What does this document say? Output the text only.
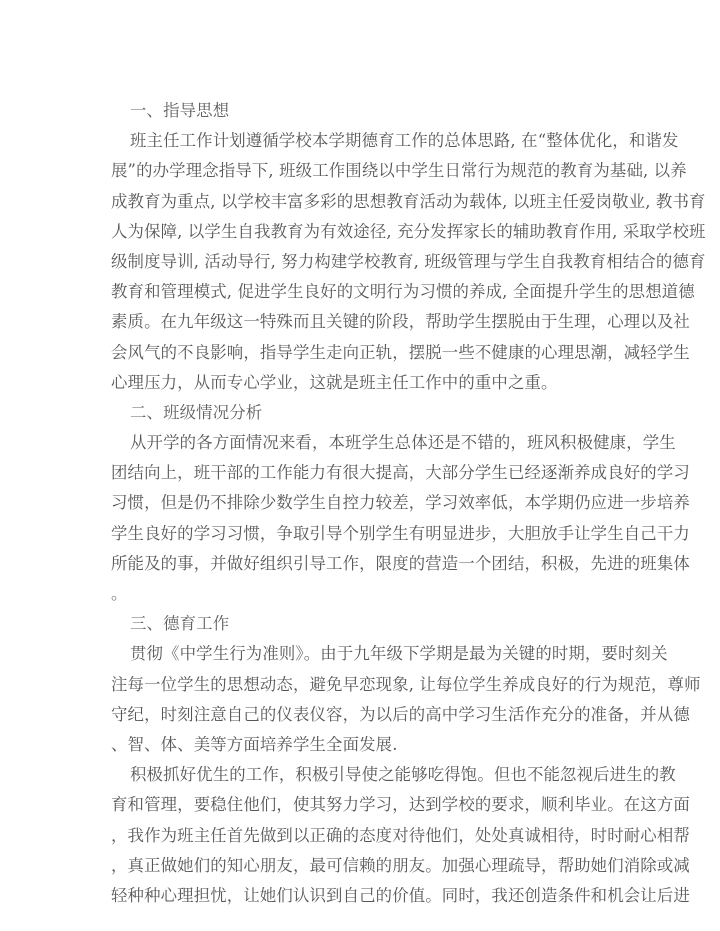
一、指导思想
班主任工作计划遵循学校本学期德育工作的总体思路, 在“整体优化，和谐发
展”的办学理念指导下, 班级工作围绕以中学生日常行为规范的教育为基础, 以养
成教育为重点, 以学校丰富多彩的思想教育活动为载体, 以班主任爱岗敬业, 教书育
人为保障, 以学生自我教育为有效途径, 充分发挥家长的辅助教育作用, 采取学校班
级制度导训, 活动导行, 努力构建学校教育, 班级管理与学生自我教育相结合的德育
教育和管理模式, 促进学生良好的文明行为习惯的养成, 全面提升学生的思想道德
素质。在九年级这一特殊而且关键的阶段，帮助学生摆脱由于生理，心理以及社
会风气的不良影响，指导学生走向正轨，摆脱一些不健康的心理思潮，减轻学生
心理压力，从而专心学业，这就是班主任工作中的重中之重。
二、班级情况分析
从开学的各方面情况来看，本班学生总体还是不错的，班风积极健康，学生
团结向上，班干部的工作能力有很大提高，大部分学生已经逐渐养成良好的学习
习惯，但是仍不排除少数学生自控力较差，学习效率低，本学期仍应进一步培养
学生良好的学习习惯，争取引导个别学生有明显进步，大胆放手让学生自己干力
所能及的事，并做好组织引导工作，限度的营造一个团结，积极，先进的班集体
。
三、德育工作
贯彻《中学生行为准则》。由于九年级下学期是最为关键的时期，要时刻关
注每一位学生的思想动态，避免早恋现象, 让每位学生养成良好的行为规范，尊师
守纪，时刻注意自己的仪表仪容，为以后的高中学习生活作充分的准备，并从德
、智、体、美等方面培养学生全面发展.
积极抓好优生的工作，积极引导使之能够吃得饱。但也不能忽视后进生的教
育和管理，要稳住他们，使其努力学习，达到学校的要求，顺利毕业。在这方面
，我作为班主任首先做到以正确的态度对待他们，处处真诚相待，时时耐心相帮
，真正做她们的知心朋友，最可信赖的朋友。加强心理疏导，帮助她们消除或减
轻种种心理担忧，让她们认识到自己的价值。同时，我还创造条件和机会让后进
